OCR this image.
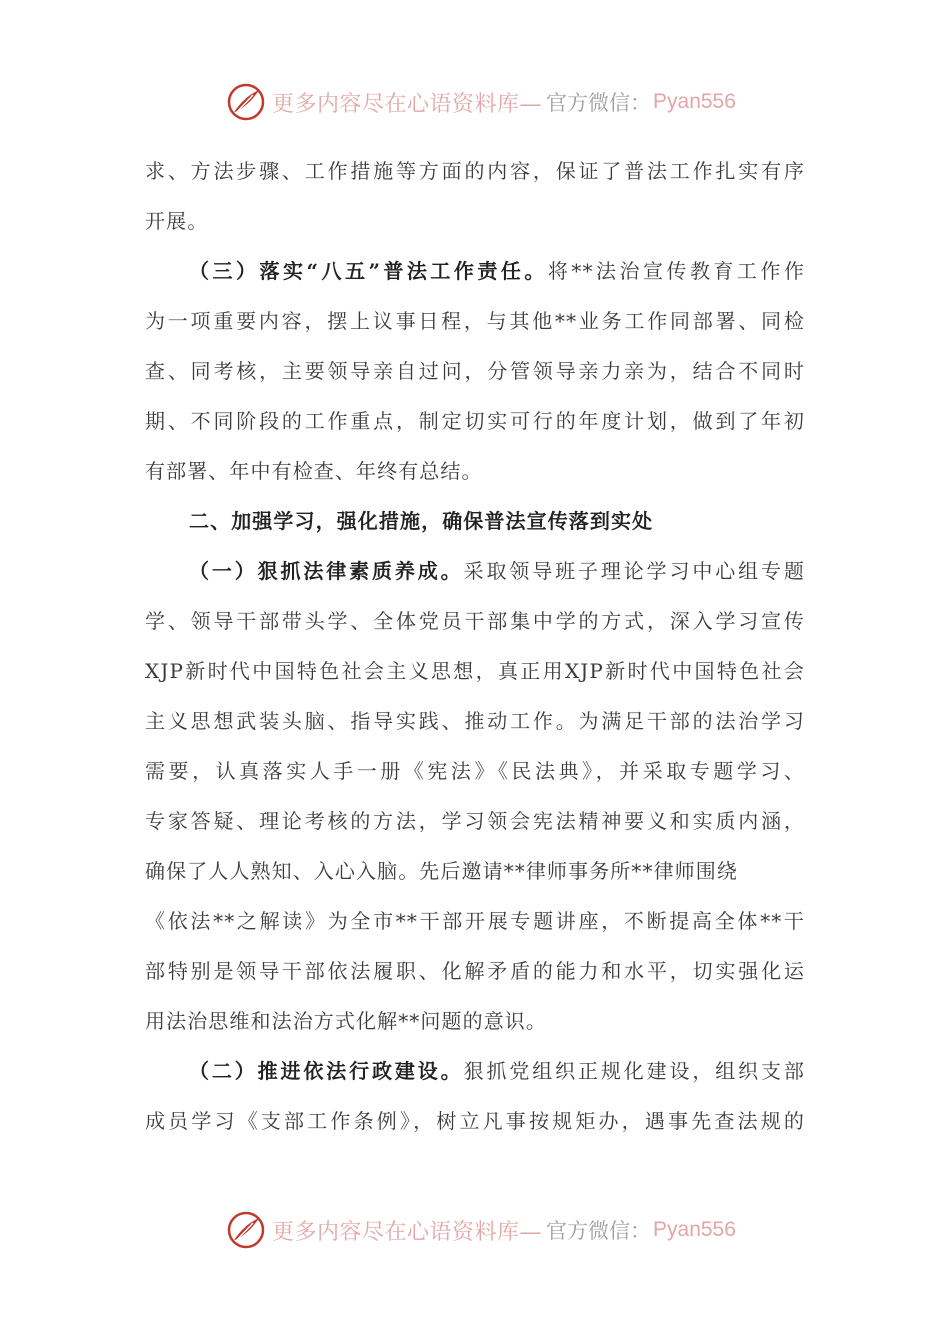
更多内容尽在心语资料库— 官方微信： Pyan556
求、方法步骤、工作措施等方面的内容，保证了普法工作扎实有序
开展。
（三）落实“八五”普法工作责任。将**法治宣传教育工作作
为一项重要内容，摆上议事日程，与其他**业务工作同部署、同检
查、同考核，主要领导亲自过问，分管领导亲力亲为，结合不同时
期、不同阶段的工作重点，制定切实可行的年度计划，做到了年初
有部署、年中有检查、年终有总结。
二、加强学习，强化措施，确保普法宣传落到实处
（一）狠抓法律素质养成。采取领导班子理论学习中心组专题
学、领导干部带头学、全体党员干部集中学的方式，深入学习宣传
XJP新时代中国特色社会主义思想，真正用XJP新时代中国特色社会
主义思想武装头脑、指导实践、推动工作。为满足干部的法治学习
需要，认真落实人手一册《宪法》《民法典》，并采取专题学习、
专家答疑、理论考核的方法，学习领会宪法精神要义和实质内涵，
确保了人人熟知、入心入脑。先后邀请**律师事务所**律师围绕
《依法**之解读》为全市**干部开展专题讲座，不断提高全体**干
部特别是领导干部依法履职、化解矛盾的能力和水平，切实强化运
用法治思维和法治方式化解**问题的意识。
（二）推进依法行政建设。狠抓党组织正规化建设，组织支部
成员学习《支部工作条例》，树立凡事按规矩办，遇事先查法规的
更多内容尽在心语资料库— 官方微信： Pyan556
